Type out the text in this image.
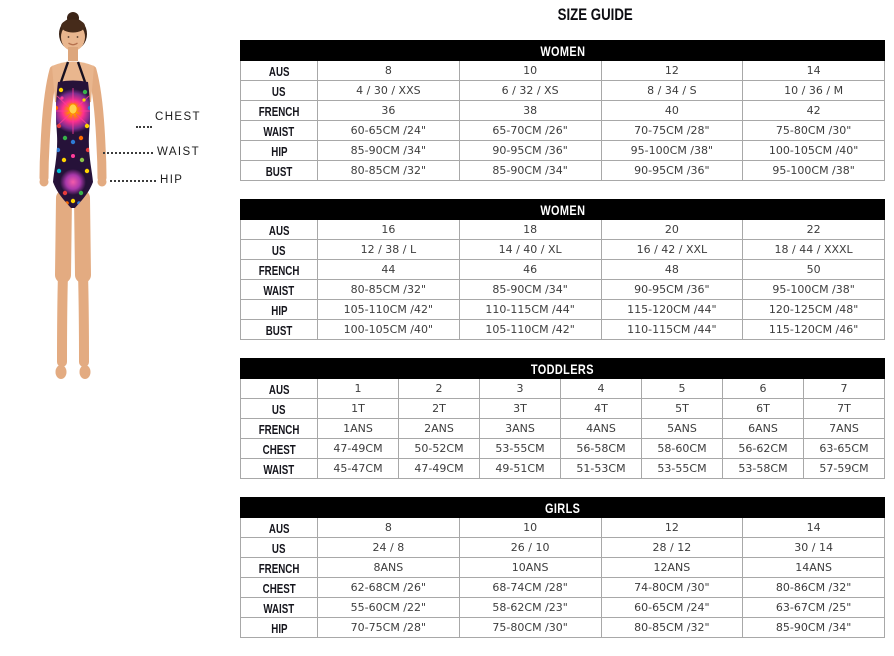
SIZE GUIDE
CHEST
WAIST
HIP
WOMEN				
AUS	8	10	12	14
US	4 / 30 / XXS	6 / 32 / XS	8 / 34 / S	10 / 36 / M
FRENCH	36	38	40	42
WAIST	60-65CM /24"	65-70CM /26"	70-75CM /28"	75-80CM /30"
HIP	85-90CM /34"	90-95CM /36"	95-100CM /38"	100-105CM /40"
BUST	80-85CM /32"	85-90CM /34"	90-95CM /36"	95-100CM /38"
WOMEN				
AUS	16	18	20	22
US	12 / 38 / L	14 / 40 / XL	16 / 42 / XXL	18 / 44 / XXXL
FRENCH	44	46	48	50
WAIST	80-85CM /32"	85-90CM /34"	90-95CM /36"	95-100CM /38"
HIP	105-110CM /42"	110-115CM /44"	115-120CM /44"	120-125CM /48"
BUST	100-105CM /40"	105-110CM /42"	110-115CM /44"	115-120CM /46"
TODDLERS							
AUS	1	2	3	4	5	6	7
US	1T	2T	3T	4T	5T	6T	7T
FRENCH	1ANS	2ANS	3ANS	4ANS	5ANS	6ANS	7ANS
CHEST	47-49CM	50-52CM	53-55CM	56-58CM	58-60CM	56-62CM	63-65CM
WAIST	45-47CM	47-49CM	49-51CM	51-53CM	53-55CM	53-58CM	57-59CM
GIRLS				
AUS	8	10	12	14
US	24 / 8	26 / 10	28 / 12	30 / 14
FRENCH	8ANS	10ANS	12ANS	14ANS
CHEST	62-68CM /26"	68-74CM /28"	74-80CM /30"	80-86CM /32"
WAIST	55-60CM /22"	58-62CM /23"	60-65CM /24"	63-67CM /25"
HIP	70-75CM /28"	75-80CM /30"	80-85CM /32"	85-90CM /34"
